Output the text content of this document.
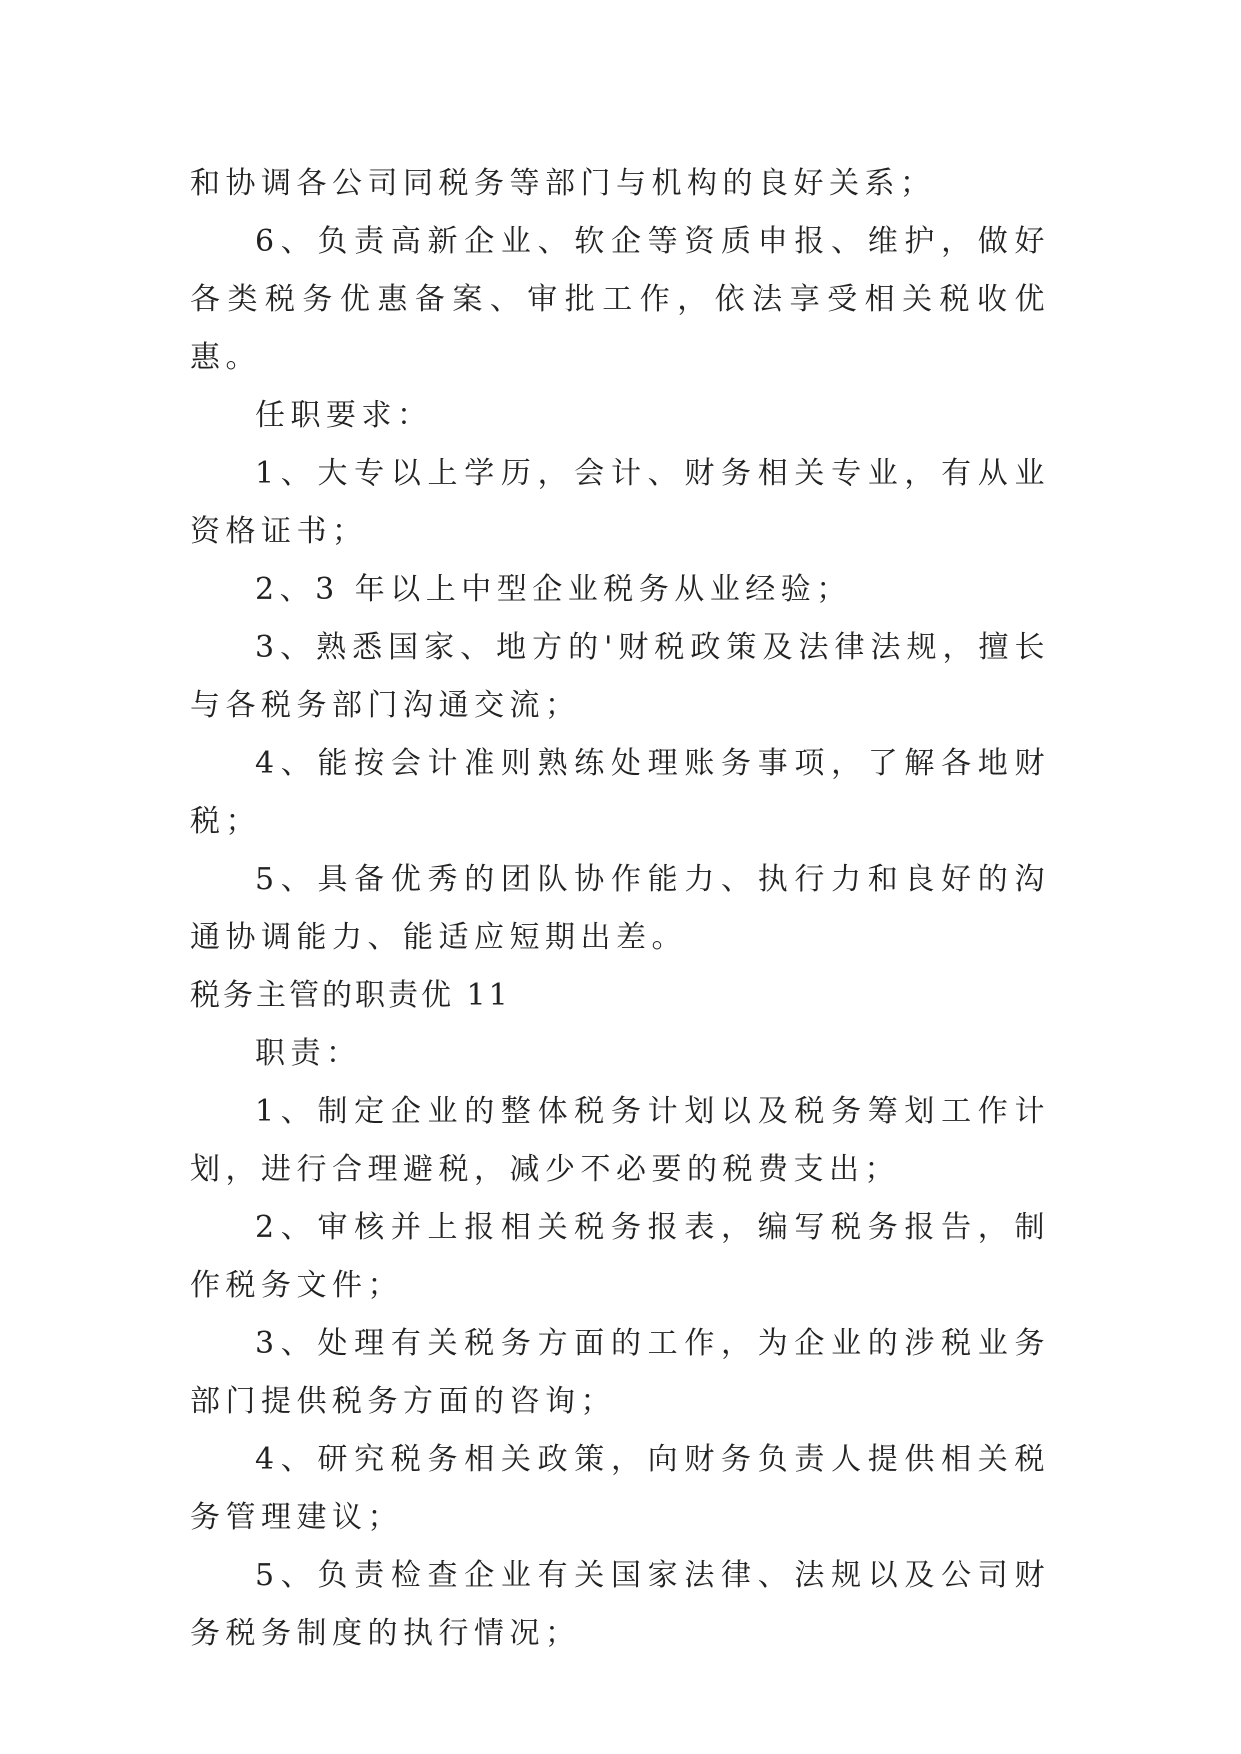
和协调各公司同税务等部门与机构的良好关系；

6、负责高新企业、软企等资质申报、维护，做好各类税务优惠备案、审批工作，依法享受相关税收优惠。

任职要求：

1、大专以上学历，会计、财务相关专业，有从业资格证书；

2、3 年以上中型企业税务从业经验；

3、熟悉国家、地方的'财税政策及法律法规，擅长与各税务部门沟通交流；

4、能按会计准则熟练处理账务事项，了解各地财税；

5、具备优秀的团队协作能力、执行力和良好的沟通协调能力、能适应短期出差。

税务主管的职责优 11

职责：

1、制定企业的整体税务计划以及税务筹划工作计划，进行合理避税，减少不必要的税费支出；

2、审核并上报相关税务报表，编写税务报告，制作税务文件；

3、处理有关税务方面的工作，为企业的涉税业务部门提供税务方面的咨询；

4、研究税务相关政策，向财务负责人提供相关税务管理建议；

5、负责检查企业有关国家法律、法规以及公司财务税务制度的执行情况；
